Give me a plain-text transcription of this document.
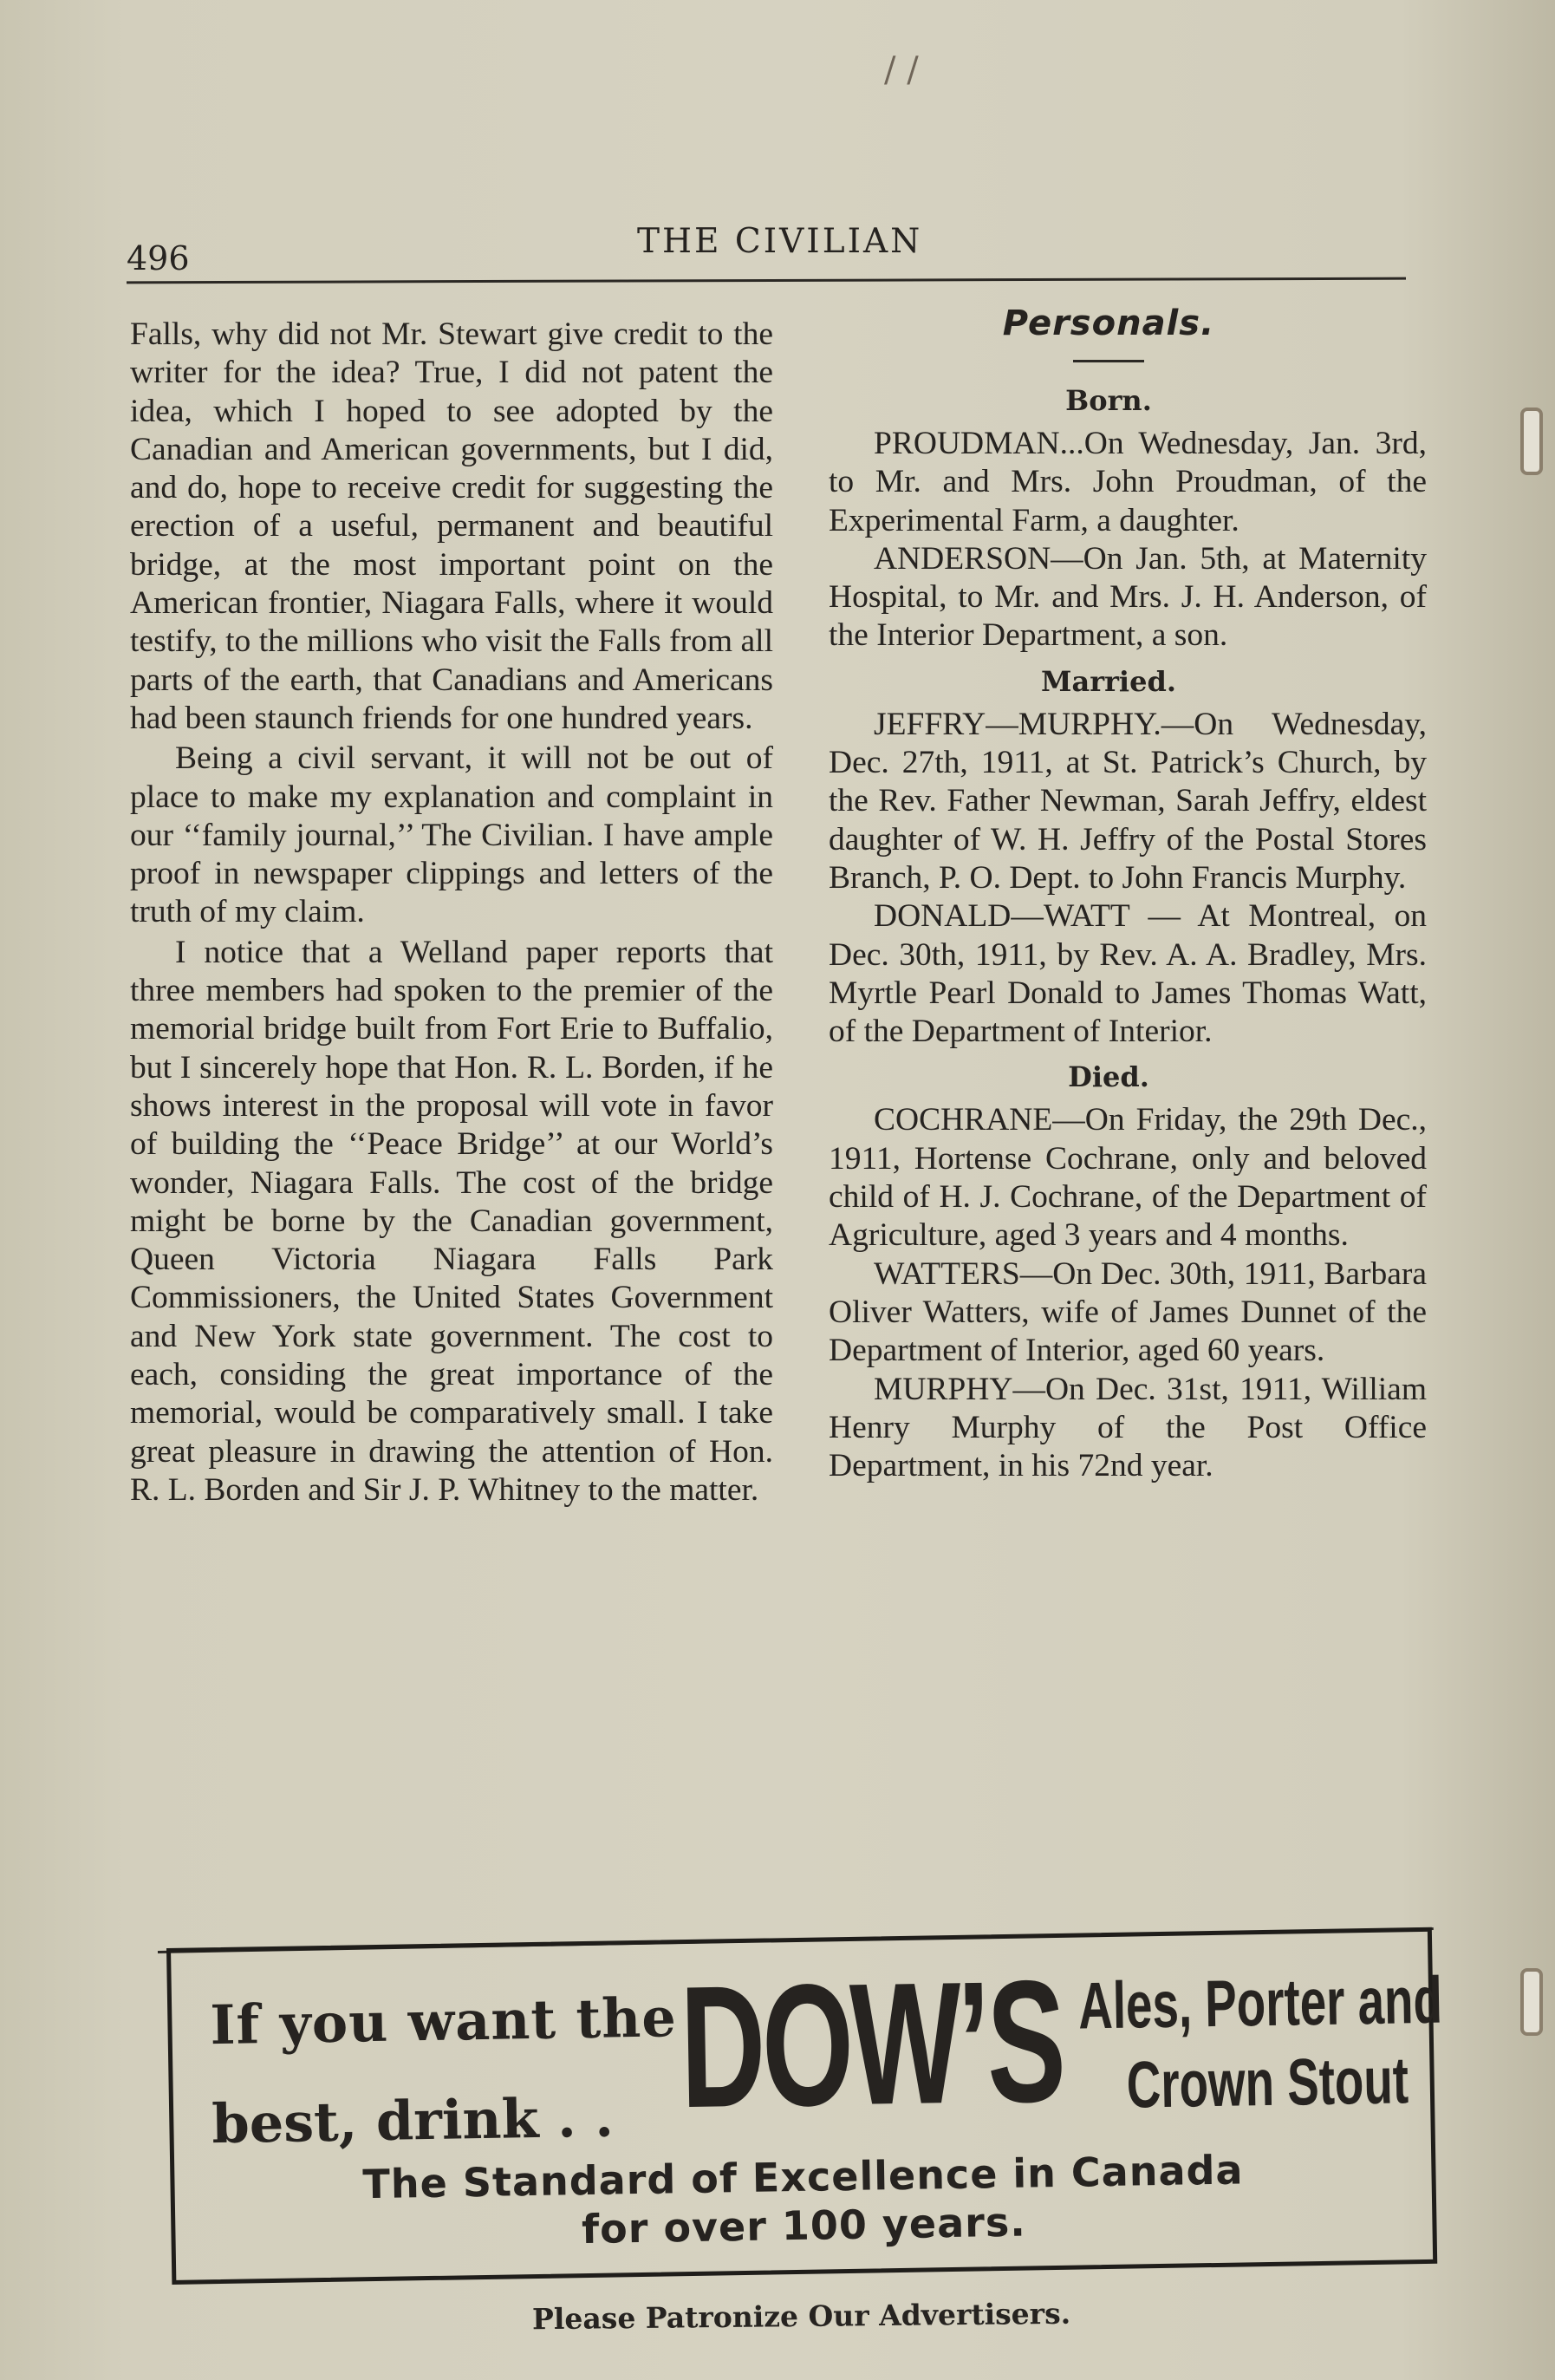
/ /
496	THE CIVILIAN

Falls, why did not Mr. Stewart give credit to the writer for the idea? True, I did not patent the idea, which I hoped to see adopted by the Canadian and American governments, but I did, and do, hope to receive credit for suggesting the erection of a useful, permanent and beautiful bridge, at the most important point on the American frontier, Niagara Falls, where it would testify, to the millions who visit the Falls from all parts of the earth, that Canadians and Americans had been staunch friends for one hundred years.

Being a civil servant, it will not be out of place to make my explanation and complaint in our ‘‘family journal,’’ The Civilian. I have ample proof in newspaper clippings and letters of the truth of my claim.

I notice that a Welland paper reports that three members had spoken to the premier of the memorial bridge built from Fort Erie to Buffalio, but I sincerely hope that Hon. R. L. Borden, if he shows interest in the proposal will vote in favor of building the ‘‘Peace Bridge’’ at our World’s wonder, Niagara Falls. The cost of the bridge might be borne by the Canadian government, Queen Victoria Niagara Falls Park Commissioners, the United States Government and New York state government. The cost to each, considing the great importance of the memorial, would be comparatively small. I take great pleasure in drawing the attention of Hon. R. L. Borden and Sir J. P. Whitney to the matter.

Personals.
Born.

PROUDMAN...On Wednesday, Jan. 3rd, to Mr. and Mrs. John Proudman, of the Experimental Farm, a daughter.

ANDERSON—On Jan. 5th, at Maternity Hospital, to Mr. and Mrs. J. H. Anderson, of the Interior Department, a son.

Married.

JEFFRY—MURPHY.—On Wednesday, Dec. 27th, 1911, at St. Patrick’s Church, by the Rev. Father Newman, Sarah Jeffry, eldest daughter of W. H. Jeffry of the Postal Stores Branch, P. O. Dept. to John Francis Murphy.

DONALD—WATT — At Montreal, on Dec. 30th, 1911, by Rev. A. A. Bradley, Mrs. Myrtle Pearl Donald to James Thomas Watt, of the Department of Interior.

Died.

COCHRANE—On Friday, the 29th Dec., 1911, Hortense Cochrane, only and beloved child of H. J. Cochrane, of the Department of Agriculture, aged 3 years and 4 months.

WATTERS—On Dec. 30th, 1911, Barbara Oliver Watters, wife of James Dunnet of the Department of Interior, aged 60 years.

MURPHY—On Dec. 31st, 1911, William Henry Murphy of the Post Office Department, in his 72nd year.

If you want the
best, drink . . DOW’S Ales, Porter and
Crown Stout
The Standard of Excellence in Canada
for over 100 years.
Please Patronize Our Advertisers.
